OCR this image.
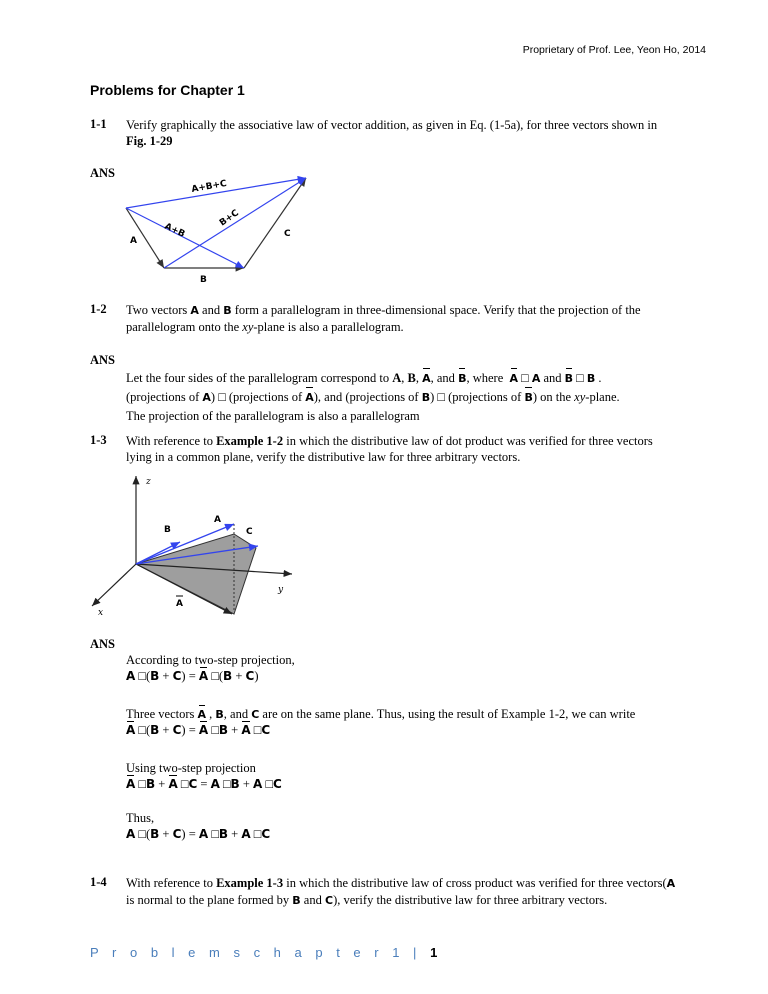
Proprietary of Prof. Lee, Yeon Ho, 2014
Problems for Chapter 1
1-1 Verify graphically the associative law of vector addition, as given in Eq. (1-5a), for three vectors shown in
Fig. 1-29
ANS
A+B+C
A+B
B+C
A
B
C
1-2 Two vectors A and B form a parallelogram in three-dimensional space. Verify that the projection of the
parallelogram onto the xy-plane is also a parallelogram.
ANS
Let the four sides of the parallelogram correspond to A, B, A, and B, where A □ A and B □ B .
(projections of A) □ (projections of A), and (projections of B) □ (projections of B) on the xy-plane.
The projection of the parallelogram is also a parallelogram
1-3 With reference to Example 1-2 in which the distributive law of dot product was verified for three vectors
lying in a common plane, verify the distributive law for three arbitrary vectors.
z
y
x
A
B	C
A
ANS
According to two-step projection,
A □(B + C) = A □(B + C)
Three vectors A , B, and C are on the same plane. Thus, using the result of Example 1-2, we can write
A □(B + C) = A □B + A □C
Using two-step projection
A □B + A □C = A □B + A □C
Thus,
A □(B + C) = A □B + A □C
1-4 With reference to Example 1-3 in which the distributive law of cross product was verified for three vectors(A
is normal to the plane formed by B and C), verify the distributive law for three arbitrary vectors.
P r o b l e m s c h a p t e r 1 | 1
